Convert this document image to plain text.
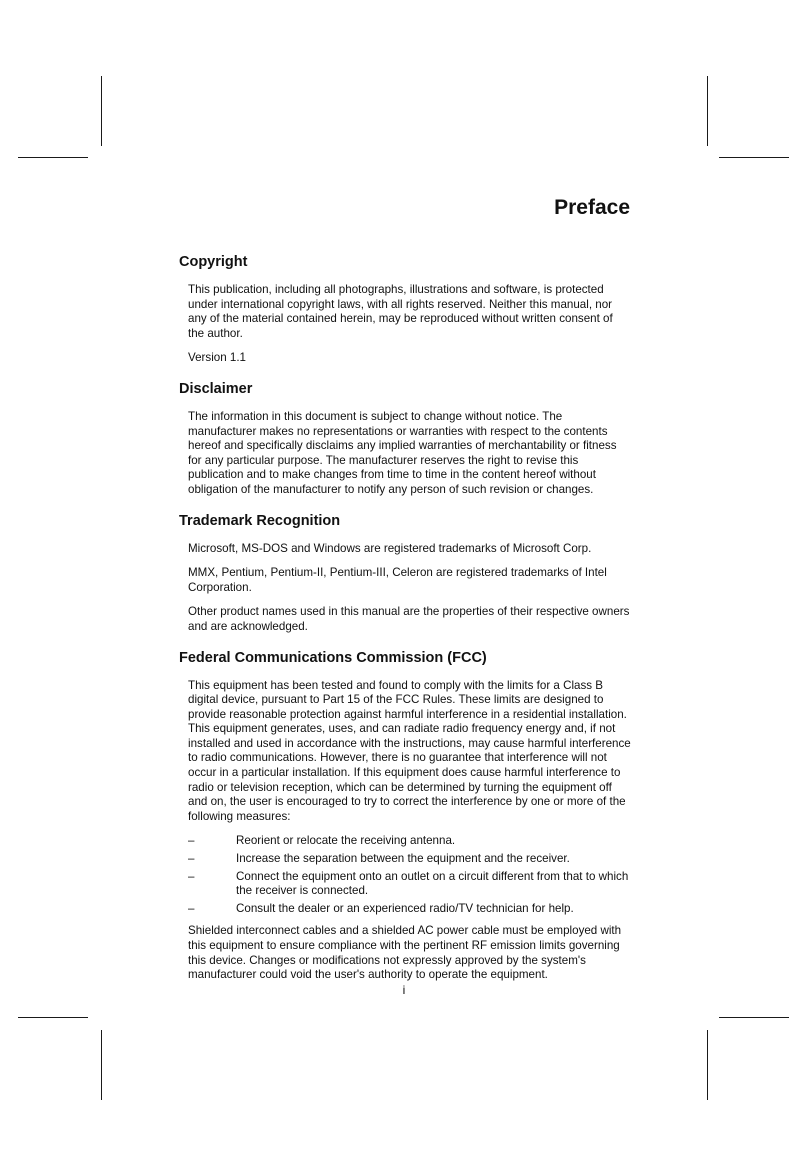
Preface
Copyright

This publication, including all photographs, illustrations and software, is protected under international copyright laws, with all rights reserved. Neither this manual, nor any of the material contained herein, may be reproduced without written consent of the author.

Version 1.1

Disclaimer

The information in this document is subject to change without notice. The manufacturer makes no representations or warranties with respect to the contents hereof and specifically disclaims any implied warranties of merchantability or fitness for any particular purpose. The manufacturer reserves the right to revise this publication and to make changes from time to time in the content hereof without obligation of the manufacturer to notify any person of such revision or changes.

Trademark Recognition

Microsoft, MS-DOS and Windows are registered trademarks of Microsoft Corp.

MMX, Pentium, Pentium-II, Pentium-III, Celeron are registered trademarks of Intel Corporation.

Other product names used in this manual are the properties of their respective owners and are acknowledged.

Federal Communications Commission (FCC)

This equipment has been tested and found to comply with the limits for a Class B digital device, pursuant to Part 15 of the FCC Rules. These limits are designed to provide reasonable protection against harmful interference in a residential installation. This equipment generates, uses, and can radiate radio frequency energy and, if not installed and used in accordance with the instructions, may cause harmful interference to radio communications. However, there is no guarantee that interference will not occur in a particular installation. If this equipment does cause harmful interference to radio or television reception, which can be determined by turning the equipment off and on, the user is encouraged to try to correct the interference by one or more of the following measures:

–	Reorient or relocate the receiving antenna.
–	Increase the separation between the equipment and the receiver.
–	Connect the equipment onto an outlet on a circuit different from that to which the receiver is connected.
–	Consult the dealer or an experienced radio/TV technician for help.

Shielded interconnect cables and a shielded AC power cable must be employed with this equipment to ensure compliance with the pertinent RF emission limits governing this device. Changes or modifications not expressly approved by the system's manufacturer could void the user's authority to operate the equipment.

i
